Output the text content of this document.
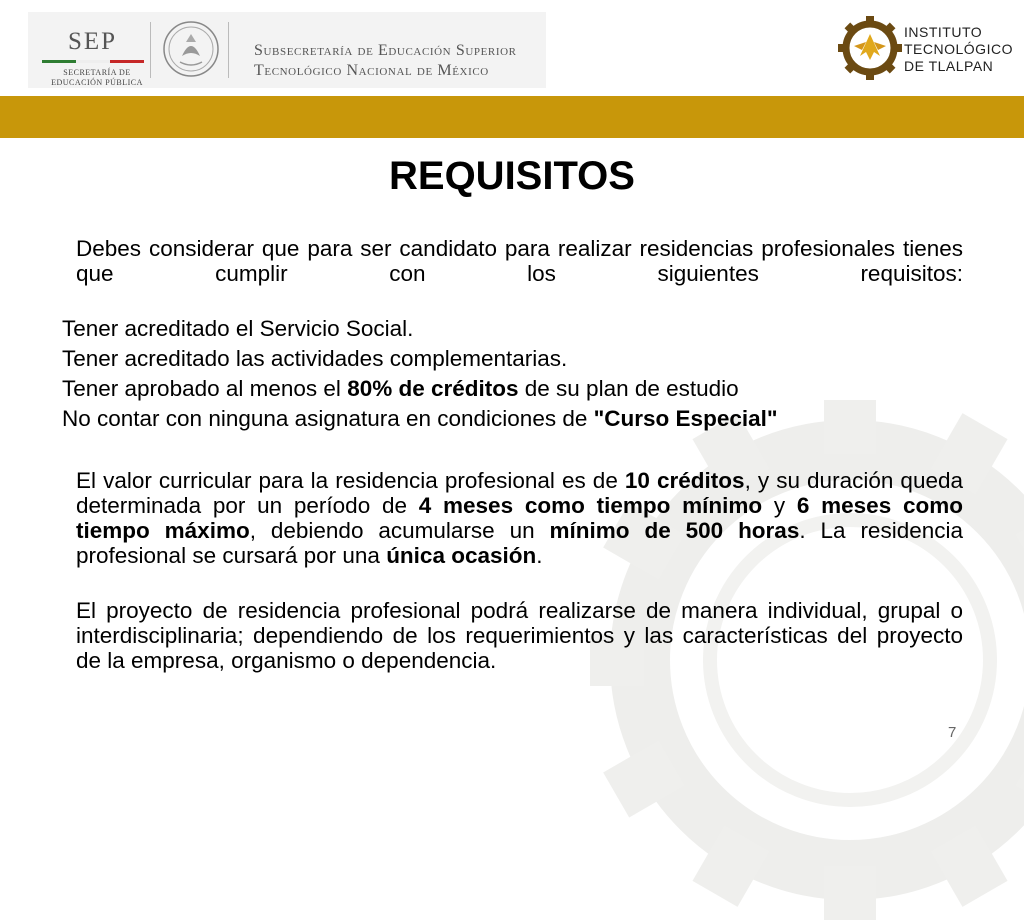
SEP
SECRETARÍA DE
EDUCACIÓN PÚBLICA
Subsecretaría de Educación Superior
Tecnológico Nacional de México
INSTITUTO
TECNOLÓGICO
DE TLALPAN
REQUISITOS
Debes considerar que para ser candidato para realizar residencias profesionales tienes que cumplir con los siguientes requisitos:
Tener acreditado el Servicio Social.
Tener acreditado las actividades complementarias.
Tener aprobado al menos el 80% de créditos de su plan de estudio
No contar con ninguna asignatura en condiciones de "Curso Especial"
El valor curricular para la residencia profesional es de 10 créditos, y su duración queda determinada por un período de 4 meses como tiempo mínimo y 6 meses como tiempo máximo, debiendo acumularse un mínimo de 500 horas. La residencia profesional se cursará por una única ocasión.
El proyecto de residencia profesional podrá realizarse de manera individual, grupal o interdisciplinaria; dependiendo de los requerimientos y las características del proyecto de la empresa, organismo o dependencia.
7
